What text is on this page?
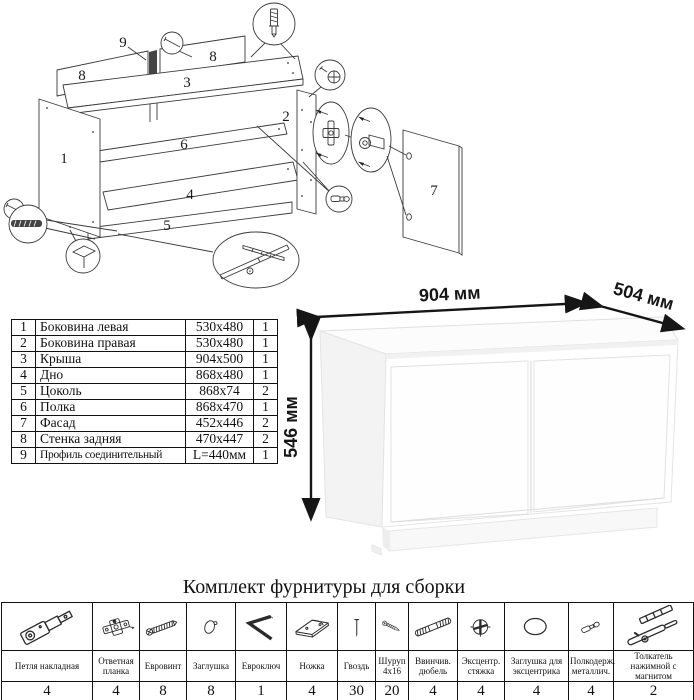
1
2
3
4
5
6
7
8
8
9
1	Боковина левая	530x480	1
2	Боковина правая	530x480	1
3	Крыша	904x500	1
4	Дно	868x480	1
5	Цоколь	868x74	2
6	Полка	868x470	1
7	Фасад	452x446	2
8	Стенка задняя	470x447	2
9	Профиль соединительный	L=440мм	1
904 мм	504 мм
546 мм
Комплект фурнитуры для сборки

Петля накладная	Ответная планка	Евровинт	Заглушка	Евроключ	Ножка	Гвоздь	Шуруп 4x16	Ввинчив. дюбель	Эксцентр. стяжка	Заглушка для эксцентрика	Полкодерж. металлич.	Толкатель нажимной с магнитом
4	4	8	8	1	4	30	20	4	4	4	4	2
